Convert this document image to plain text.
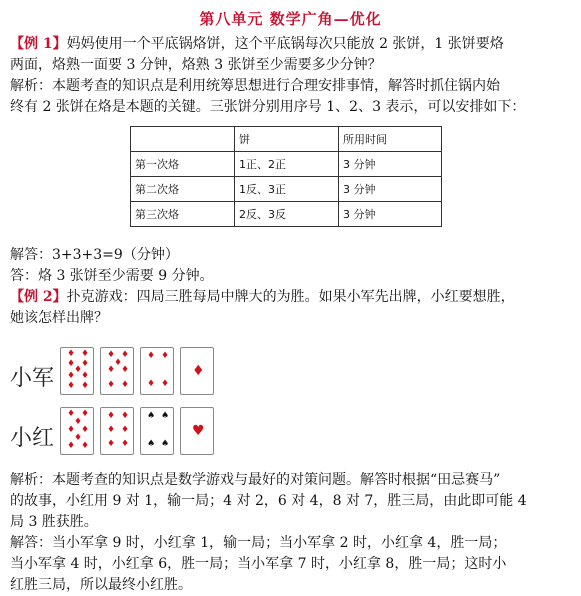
第八单元 数学广角—优化
【例 1】妈妈使用一个平底锅烙饼，这个平底锅每次只能放 2 张饼，1 张饼要烙
两面，烙熟一面要 3 分钟，烙熟 3 张饼至少需要多少分钟？
解析：本题考查的知识点是利用统筹思想进行合理安排事情，解答时抓住锅内始
终有 2 张饼在烙是本题的关键。三张饼分别用序号 1、2、3 表示，可以安排如下：
	饼	所用时间
第一次烙	1正、2正	3 分钟
第二次烙	1反、3正	3 分钟
第三次烙	2反、3反	3 分钟
解答：3+3+3=9（分钟）
答：烙 3 张饼至少需要 9 分钟。
【例 2】扑克游戏：四局三胜每局中牌大的为胜。如果小军先出牌，小红要想胜，
她该怎样出牌？
小军
小红
♦ ♦
♦ ♦
♦
♦ ♦
♦ ♦
♦ ♦
♦
♦ ♦
♦ ♦
♦ ♦
♦ ♦
♦
♦ ♦
♦
♦ ♦
♦
♦ ♦
♦ ♦
♦ ♦
♦ ♦
♠ ♠
♠ ♠
♥
解析：本题考查的知识点是数学游戏与最好的对策问题。解答时根据“田忌赛马”
的故事，小红用 9 对 1，输一局；4 对 2，6 对 4，8 对 7，胜三局，由此即可能 4
局 3 胜获胜。
解答：当小军拿 9 时，小红拿 1，输一局；当小军拿 2 时，小红拿 4，胜一局；
当小军拿 4 时，小红拿 6，胜一局；当小军拿 7 时，小红拿 8，胜一局；这时小
红胜三局，所以最终小红胜。
